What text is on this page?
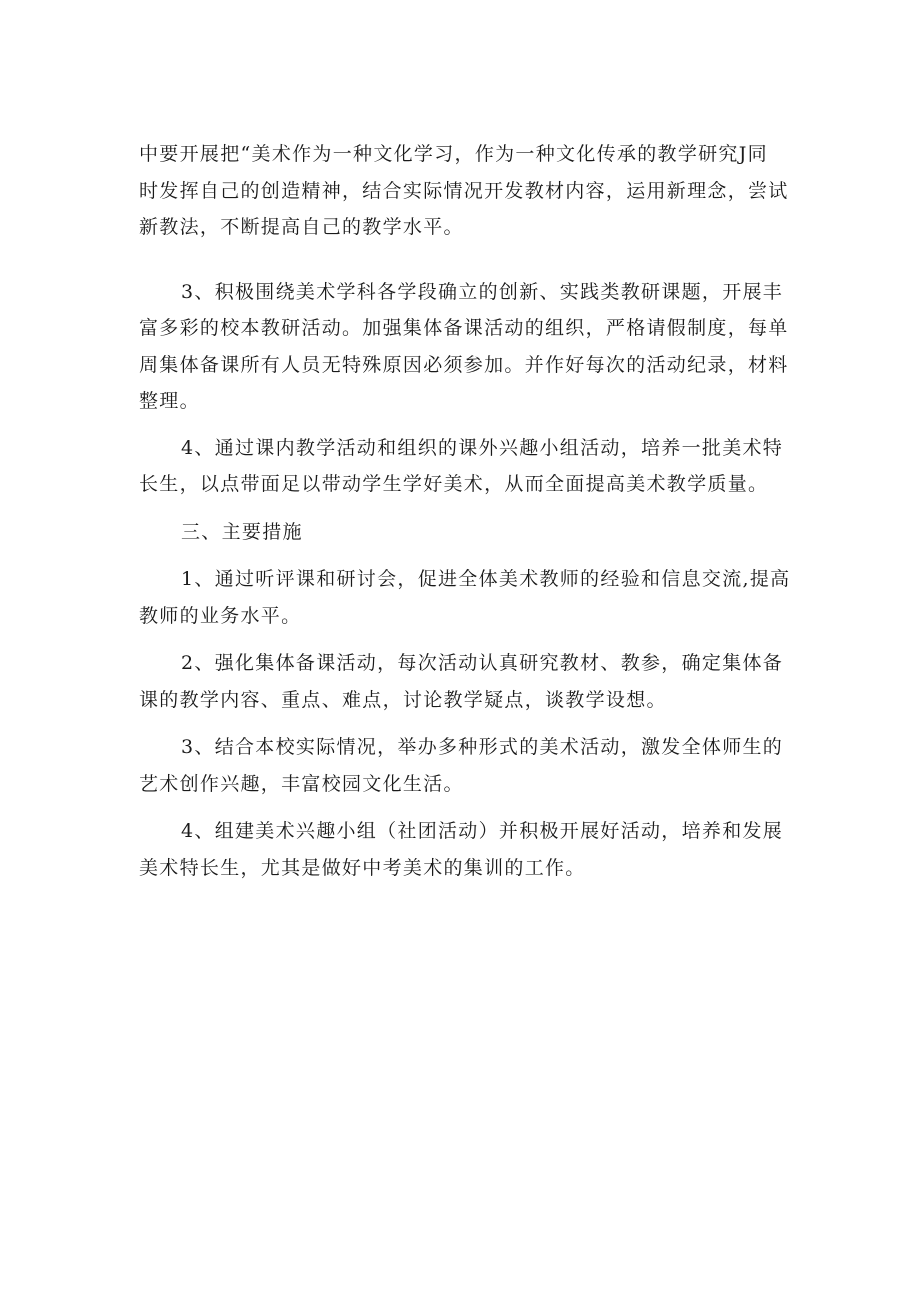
中要开展把“美术作为一种文化学习，作为一种文化传承的教学研究J同
时发挥自己的创造精神，结合实际情况开发教材内容，运用新理念，尝试
新教法，不断提高自己的教学水平。

3、积极围绕美术学科各学段确立的创新、实践类教研课题，开展丰
富多彩的校本教研活动。加强集体备课活动的组织，严格请假制度，每单
周集体备课所有人员无特殊原因必须参加。并作好每次的活动纪录，材料
整理。

4、通过课内教学活动和组织的课外兴趣小组活动，培养一批美术特
长生，以点带面足以带动学生学好美术，从而全面提高美术教学质量。

三、主要措施

1、通过听评课和研讨会，促进全体美术教师的经验和信息交流,提高
教师的业务水平。

2、强化集体备课活动，每次活动认真研究教材、教参，确定集体备
课的教学内容、重点、难点，讨论教学疑点，谈教学设想。

3、结合本校实际情况，举办多种形式的美术活动，激发全体师生的
艺术创作兴趣，丰富校园文化生活。

4、组建美术兴趣小组（社团活动）并积极开展好活动，培养和发展
美术特长生，尤其是做好中考美术的集训的工作。
